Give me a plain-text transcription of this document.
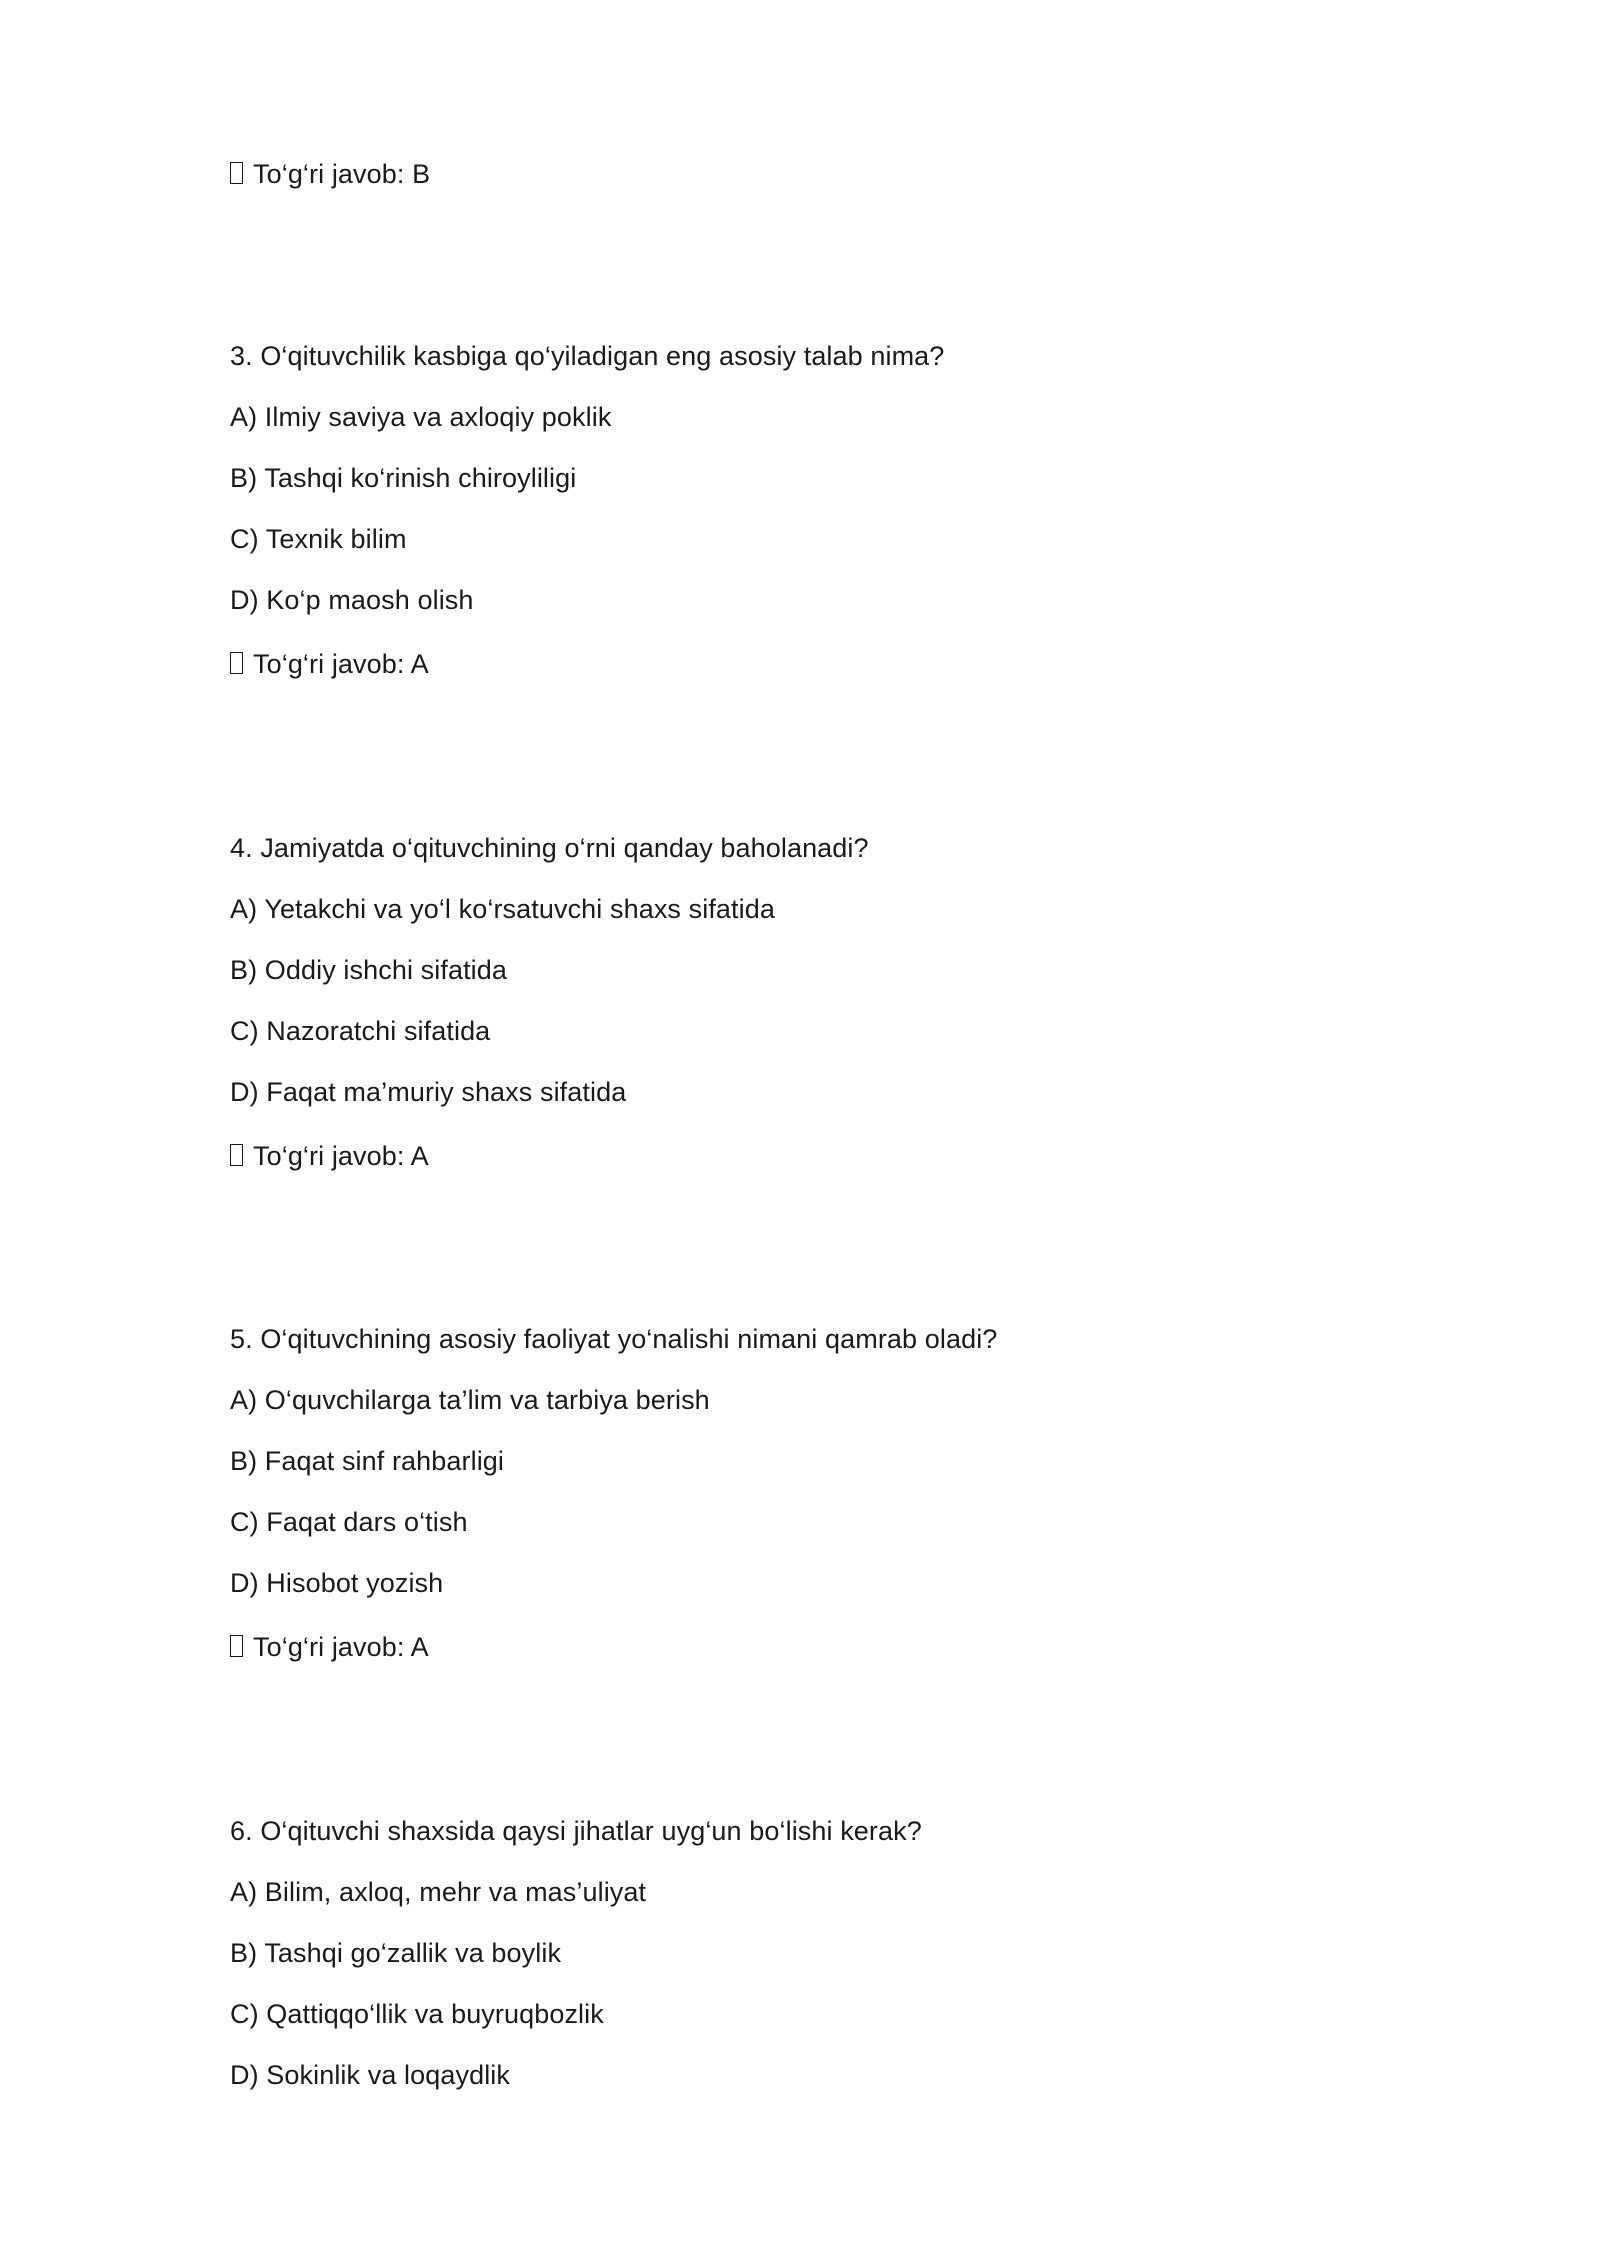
To‘g‘ri javob: B
3. O‘qituvchilik kasbiga qo‘yiladigan eng asosiy talab nima?
A) Ilmiy saviya va axloqiy poklik
B) Tashqi ko‘rinish chiroyliligi
C) Texnik bilim
D) Ko‘p maosh olish
To‘g‘ri javob: A
4. Jamiyatda o‘qituvchining o‘rni qanday baholanadi?
A) Yetakchi va yo‘l ko‘rsatuvchi shaxs sifatida
B) Oddiy ishchi sifatida
C) Nazoratchi sifatida
D) Faqat ma’muriy shaxs sifatida
To‘g‘ri javob: A
5. O‘qituvchining asosiy faoliyat yo‘nalishi nimani qamrab oladi?
A) O‘quvchilarga ta’lim va tarbiya berish
B) Faqat sinf rahbarligi
C) Faqat dars o‘tish
D) Hisobot yozish
To‘g‘ri javob: A
6. O‘qituvchi shaxsida qaysi jihatlar uyg‘un bo‘lishi kerak?
A) Bilim, axloq, mehr va mas’uliyat
B) Tashqi go‘zallik va boylik
C) Qattiqqo‘llik va buyruqbozlik
D) Sokinlik va loqaydlik
